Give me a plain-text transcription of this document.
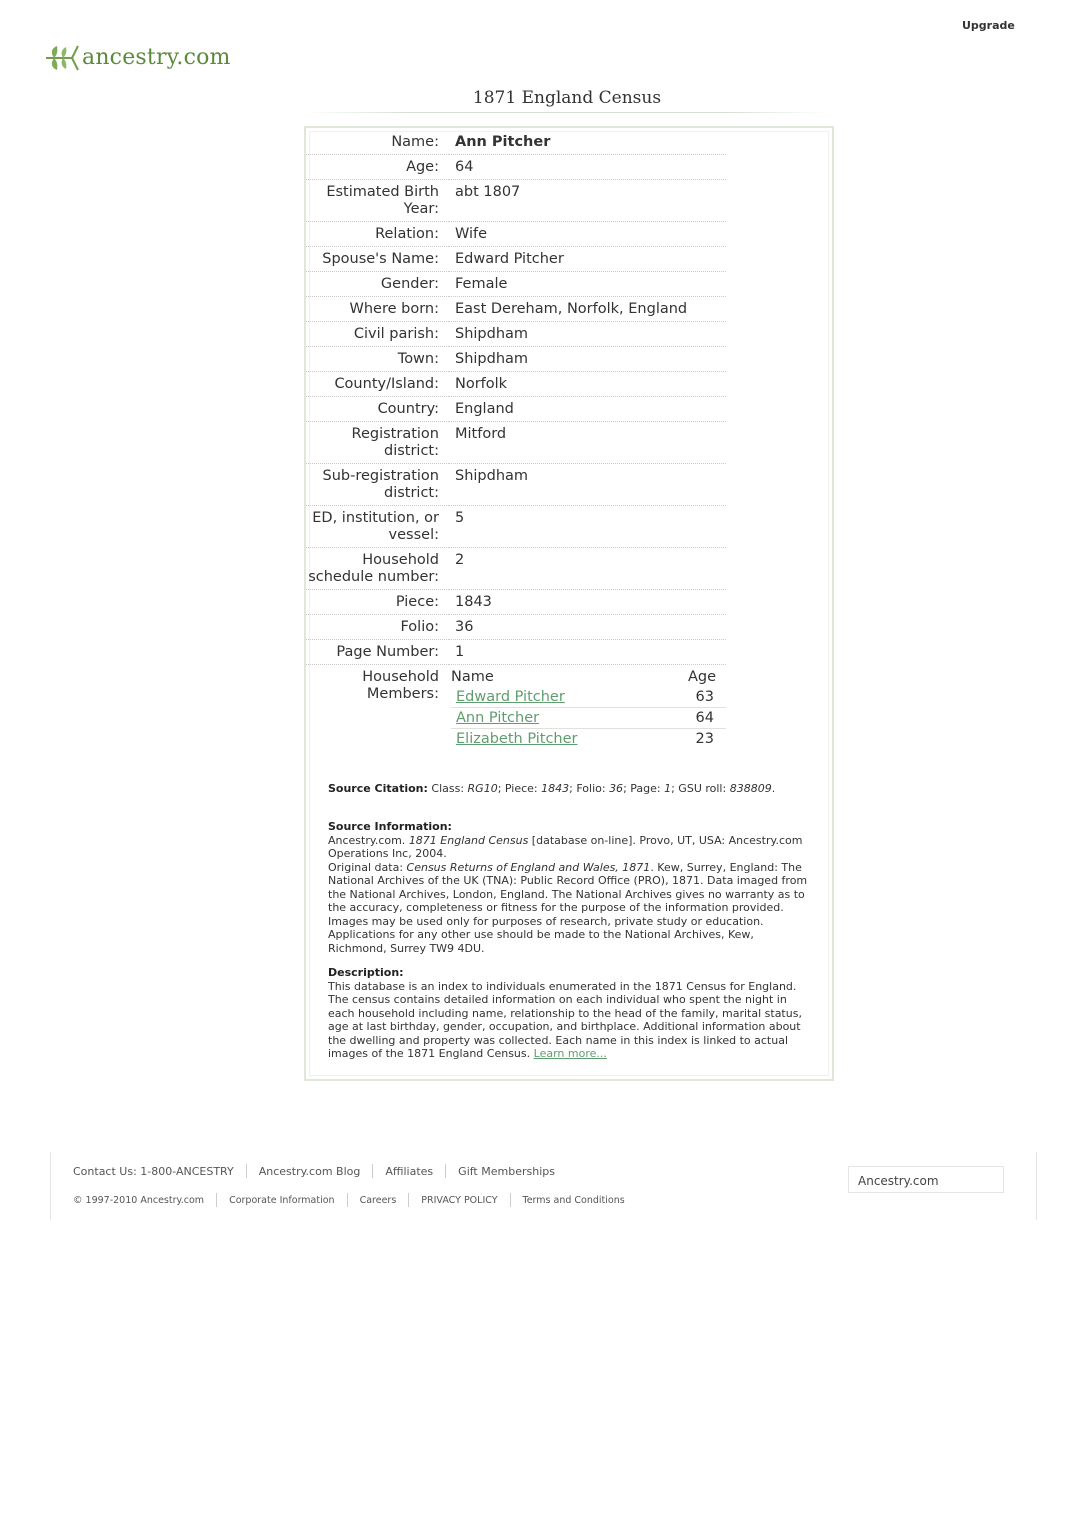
Upgrade
ancestry.com
1871 England Census
Name:	Ann Pitcher
Age:	64
Estimated Birth Year:	abt 1807
Relation:	Wife
Spouse's Name:	Edward Pitcher
Gender:	Female
Where born:	East Dereham, Norfolk, England
Civil parish:	Shipdham
Town:	Shipdham
County/Island:	Norfolk
Country:	England
Registration district:	Mitford
Sub-registration district:	Shipdham
ED, institution, or vessel:	5
Household schedule number:	2
Piece:	1843
Folio:	36
Page Number:	1
Household Members:	
Name	Age
Edward Pitcher	63
Ann Pitcher	64
Elizabeth Pitcher	23
Source Citation: Class: RG10; Piece: 1843; Folio: 36; Page: 1; GSU roll: 838809.
Source Information:
Ancestry.com. 1871 England Census [database on-line]. Provo, UT, USA: Ancestry.com Operations Inc, 2004.
Original data: Census Returns of England and Wales, 1871. Kew, Surrey, England: The National Archives of the UK (TNA): Public Record Office (PRO), 1871. Data imaged from the National Archives, London, England. The National Archives gives no warranty as to the accuracy, completeness or fitness for the purpose of the information provided. Images may be used only for purposes of research, private study or education. Applications for any other use should be made to the National Archives, Kew, Richmond, Surrey TW9 4DU.
Description:
This database is an index to individuals enumerated in the 1871 Census for England. The census contains detailed information on each individual who spent the night in each household including name, relationship to the head of the family, marital status, age at last birthday, gender, occupation, and birthplace. Additional information about the dwelling and property was collected. Each name in this index is linked to actual images of the 1871 England Census. Learn more...
Contact Us: 1-800-ANCESTRY Ancestry.com Blog Affiliates Gift Memberships
© 1997-2010 Ancestry.com	Corporate Information	Careers	PRIVACY POLICY	Terms and Conditions
Ancestry.com
